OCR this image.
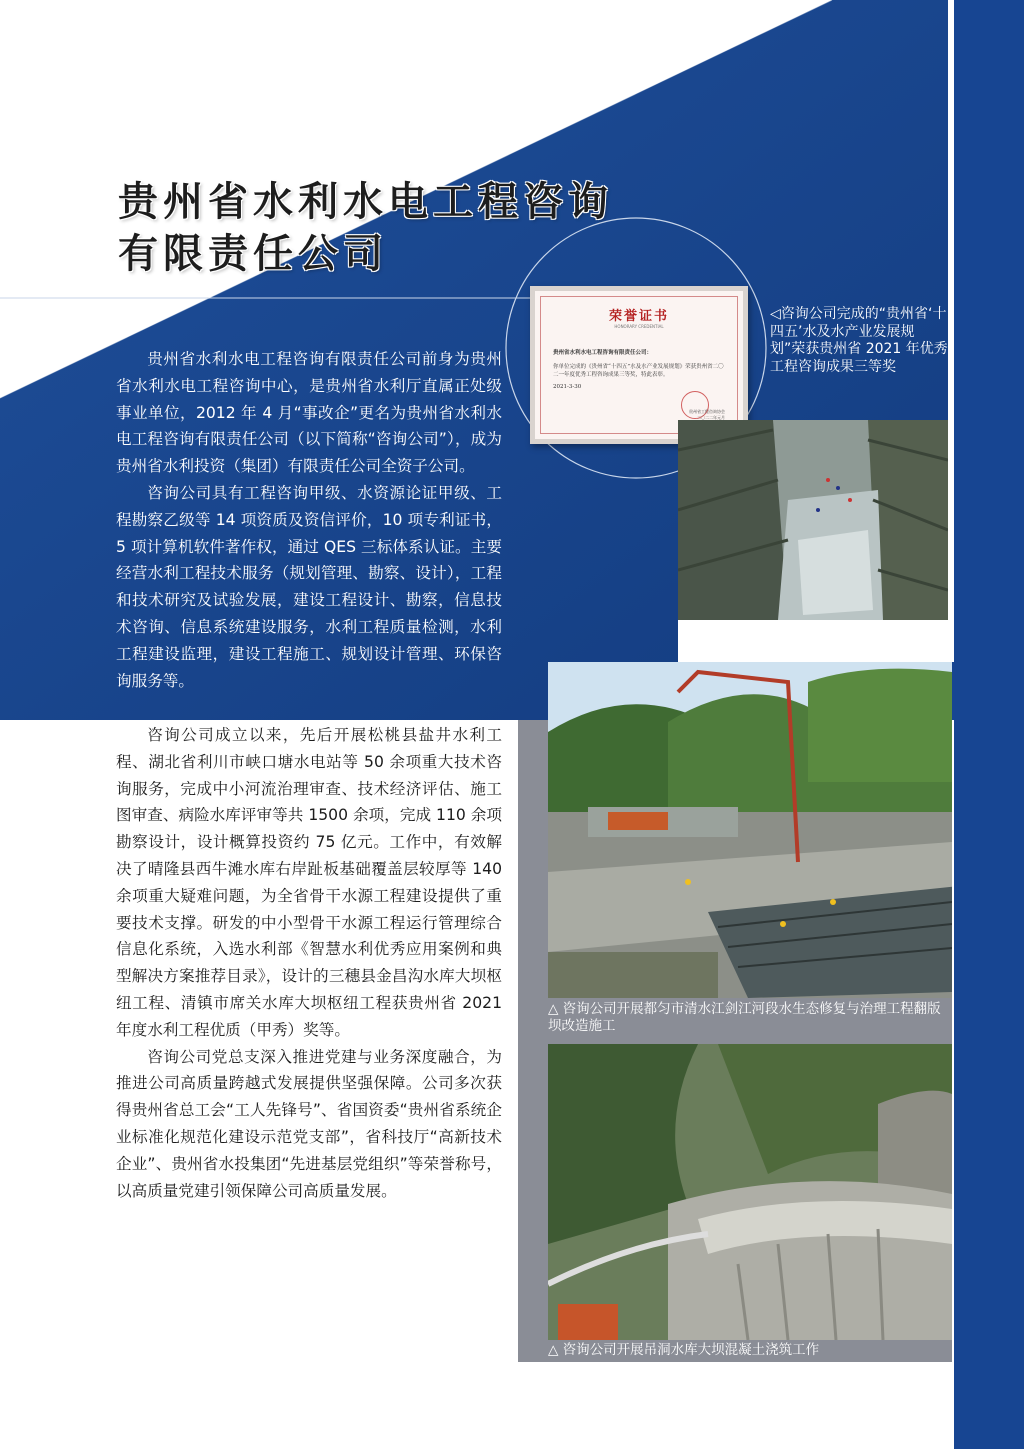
贵州省水利水电工程咨询
有限责任公司

贵州省水利水电工程咨询有限责任公司前身为贵州省水利水电工程咨询中心，是贵州省水利厅直属正处级事业单位，2012 年 4 月“事改企”更名为贵州省水利水电工程咨询有限责任公司（以下简称“咨询公司”），成为贵州省水利投资（集团）有限责任公司全资子公司。

咨询公司具有工程咨询甲级、水资源论证甲级、工程勘察乙级等 14 项资质及资信评价，10 项专利证书，5 项计算机软件著作权，通过 QES 三标体系认证。主要经营水利工程技术服务（规划管理、勘察、设计），工程和技术研究及试验发展，建设工程设计、勘察，信息技术咨询、信息系统建设服务，水利工程质量检测，水利工程建设监理，建设工程施工、规划设计管理、环保咨询服务等。

咨询公司成立以来，先后开展松桃县盐井水利工程、湖北省利川市峡口塘水电站等 50 余项重大技术咨询服务，完成中小河流治理审查、技术经济评估、施工图审查、病险水库评审等共 1500 余项，完成 110 余项勘察设计，设计概算投资约 75 亿元。工作中，有效解决了晴隆县西牛滩水库右岸趾板基础覆盖层较厚等 140 余项重大疑难问题，为全省骨干水源工程建设提供了重要技术支撑。研发的中小型骨干水源工程运行管理综合信息化系统，入选水利部《智慧水利优秀应用案例和典型解决方案推荐目录》，设计的三穗县金昌沟水库大坝枢纽工程、清镇市席关水库大坝枢纽工程获贵州省 2021 年度水利工程优质（甲秀）奖等。

咨询公司党总支深入推进党建与业务深度融合，为推进公司高质量跨越式发展提供坚强保障。公司多次获得贵州省总工会“工人先锋号”、省国资委“贵州省系统企业标准化规范化建设示范党支部”，省科技厅“高新技术企业”、贵州省水投集团“先进基层党组织”等荣誉称号，以高质量党建引领保障公司高质量发展。

荣誉证书
HONORARY CREDENTIAL
贵州省水利水电工程咨询有限责任公司：
你单位完成的《贵州省“十四五”水及水产业发展规划》荣获贵州省二〇二一年度优秀工程咨询成果三等奖，特此表彰。
2021-3-30
贵州省工程咨询协会
二〇二二年元月

◁咨询公司完成的“贵州省‘十四五’水及水产业发展规划”荣获贵州省 2021 年优秀工程咨询成果三等奖

△ 咨询公司对铜仁市大兴水库开展施工图审查踏勘工作

△ 咨询公司开展都匀市清水江剑江河段水生态修复与治理工程翻版坝改造施工

△ 咨询公司开展吊洞水库大坝混凝土浇筑工作
